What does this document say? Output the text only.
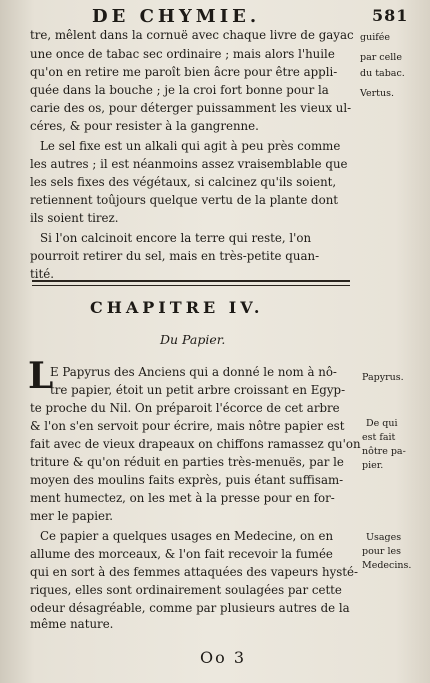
DE CHYMIE.	581
tre, mêlent dans la cornuë avec chaque livre de gayac
une once de tabac sec ordinaire ; mais alors l'huile
qu'on en retire me paroît bien âcre pour être appli-
quée dans la bouche ; je la croi fort bonne pour la
carie des os, pour déterger puissamment les vieux ul-
céres, & pour resister à la gangrenne.
guifée
par celle
du tabac.
Vertus.
Le sel fixe est un alkali qui agit à peu près comme
les autres ; il est néanmoins assez vraisemblable que
les sels fixes des végétaux, si calcinez qu'ils soient,
retiennent toûjours quelque vertu de la plante dont
ils soient tirez.
Si l'on calcinoit encore la terre qui reste, l'on
pourroit retirer du sel, mais en très-petite quan-
tité.
CHAPITRE IV.
Du Papier.
L
E Papyrus des Anciens qui a donné le nom à nô-
tre papier, étoit un petit arbre croissant en Egyp-
te proche du Nil. On préparoit l'écorce de cet arbre
& l'on s'en servoit pour écrire, mais nôtre papier est
fait avec de vieux drapeaux on chiffons ramassez qu'on
triture & qu'on réduit en parties très-menuës, par le
moyen des moulins faits exprès, puis étant suffisam-
ment humectez, on les met à la presse pour en for-
mer le papier.
Ce papier a quelques usages en Medecine, on en
allume des morceaux, & l'on fait recevoir la fumée
qui en sort à des femmes attaquées des vapeurs hysté-
riques, elles sont ordinairement soulagées par cette
odeur désagréable, comme par plusieurs autres de la
même nature.
Papyrus.
De qui
est fait
nôtre pa-
pier.
Usages
pour les
Medecins.
Oo 3
